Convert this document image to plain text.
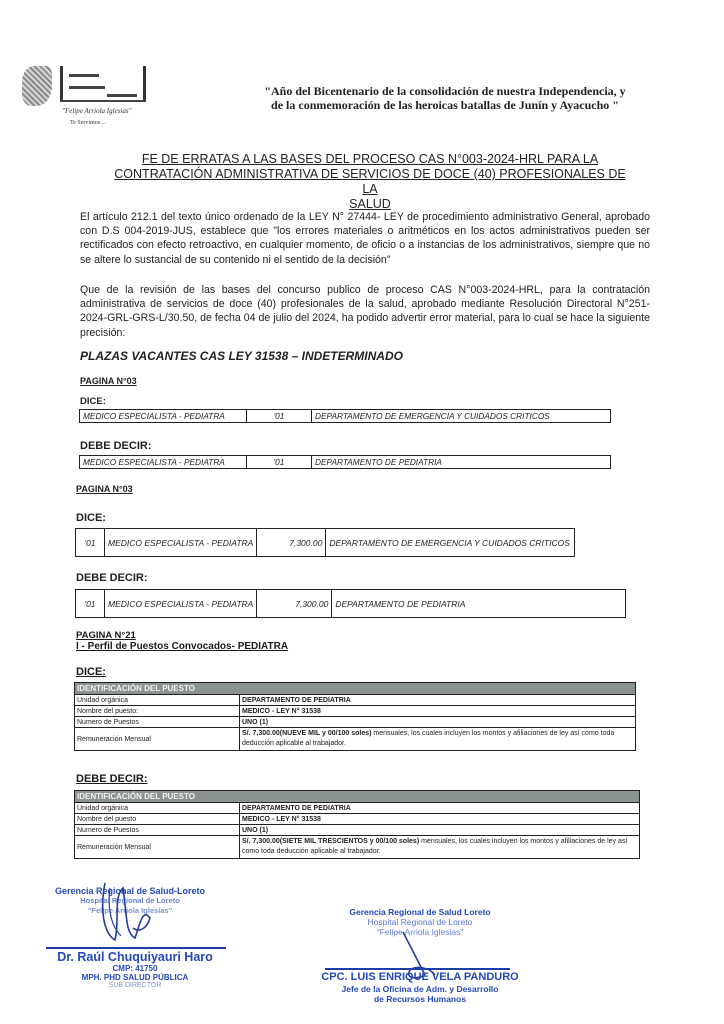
"Felipe Arriola Iglesias"
Te Servimos ...
"Año del Bicentenario de la consolidación de nuestra Independencia, y
de la conmemoración de las heroicas batallas de Junín y Ayacucho "
FE DE ERRATAS A LAS BASES DEL PROCESO CAS N°003-2024-HRL PARA LA
CONTRATACIÓN ADMINISTRATIVA DE SERVICIOS DE DOCE (40) PROFESIONALES DE LA
SALUD
El artículo 212.1 del texto único ordenado de la LEY N° 27444- LEY de procedimiento administrativo General, aprobado con D.S 004-2019-JUS, establece que "los errores materiales o aritméticos en los actos administrativos pueden ser rectificados con efecto retroactivo, en cualquier momento, de oficio o a instancias de los administrativos, siempre que no se altere lo sustancial de su contenido ni el sentido de la decisión"
Que de la revisión de las bases del concurso publico de proceso CAS N°003-2024-HRL, para la contratación administrativa de servicios de doce (40) profesionales de la salud, aprobado mediante Resolución Directoral N°251-2024-GRL-GRS-L/30.50, de fecha 04 de julio del 2024, ha podido advertir error material, para lo cual se hace la siguiente precisión:
PLAZAS VACANTES CAS LEY 31538 – INDETERMINADO
PAGINA N°03
DICE:
MEDICO ESPECIALISTA - PEDIATRA	'01	DEPARTAMENTO DE EMERGENCIA Y CUIDADOS CRITICOS
DEBE DECIR:
MEDICO ESPECIALISTA - PEDIATRA	'01	DEPARTAMENTO DE PEDIATRIA
PAGINA N°03
DICE:
'01	MEDICO ESPECIALISTA - PEDIATRA	7,300.00	DEPARTAMENTO DE EMERGENCIA Y CUIDADOS CRITICOS
DEBE DECIR:
'01	MEDICO ESPECIALISTA - PEDIATRA	7,300.00	DEPARTAMENTO DE PEDIATRIA
PAGINA N°21
I - Perfil de Puestos Convocados- PEDIATRA
DICE:
IDENTIFICACIÓN DEL PUESTO	
Unidad orgánica	DEPARTAMENTO DE PEDIATRIA
Nombre del puesto:	MEDICO - LEY N° 31538
Numero de Puestos	UNO (1)
Remuneración Mensual	S/. 7,300.00(NUEVE MIL y 00/100 soles) mensuales, los cuales incluyen los montos y afiliaciones de ley así como toda deducción aplicable al trabajador.
DEBE DECIR:
IDENTIFICACIÓN DEL PUESTO	
Unidad orgánica	DEPARTAMENTO DE PEDIATRIA
Nombre del puesto	MEDICO - LEY N° 31538
Numero de Puestos	UNO (1)
Remuneración Mensual	S/. 7,300.00(SIETE MIL TRESCIENTOS y 00/100 soles) mensuales, los cuales incluyen los montos y afiliaciones de ley así como toda deducción aplicable al trabajador.
Gerencia Regional de Salud-Loreto
Hospital Regional de Loreto
"Felipe Arriola Iglesias"
Dr. Raúl Chuquiyauri Haro
CMP: 41750
MPH. PHD SALUD PÚBLICA
SUB DIRECTOR
Gerencia Regional de Salud Loreto
Hospital Regional de Loreto
"Felipe Arriola Iglesias"
CPC. LUIS ENRIQUE VELA PANDURO
Jefe de la Oficina de Adm. y Desarrollo
de Recursos Humanos
